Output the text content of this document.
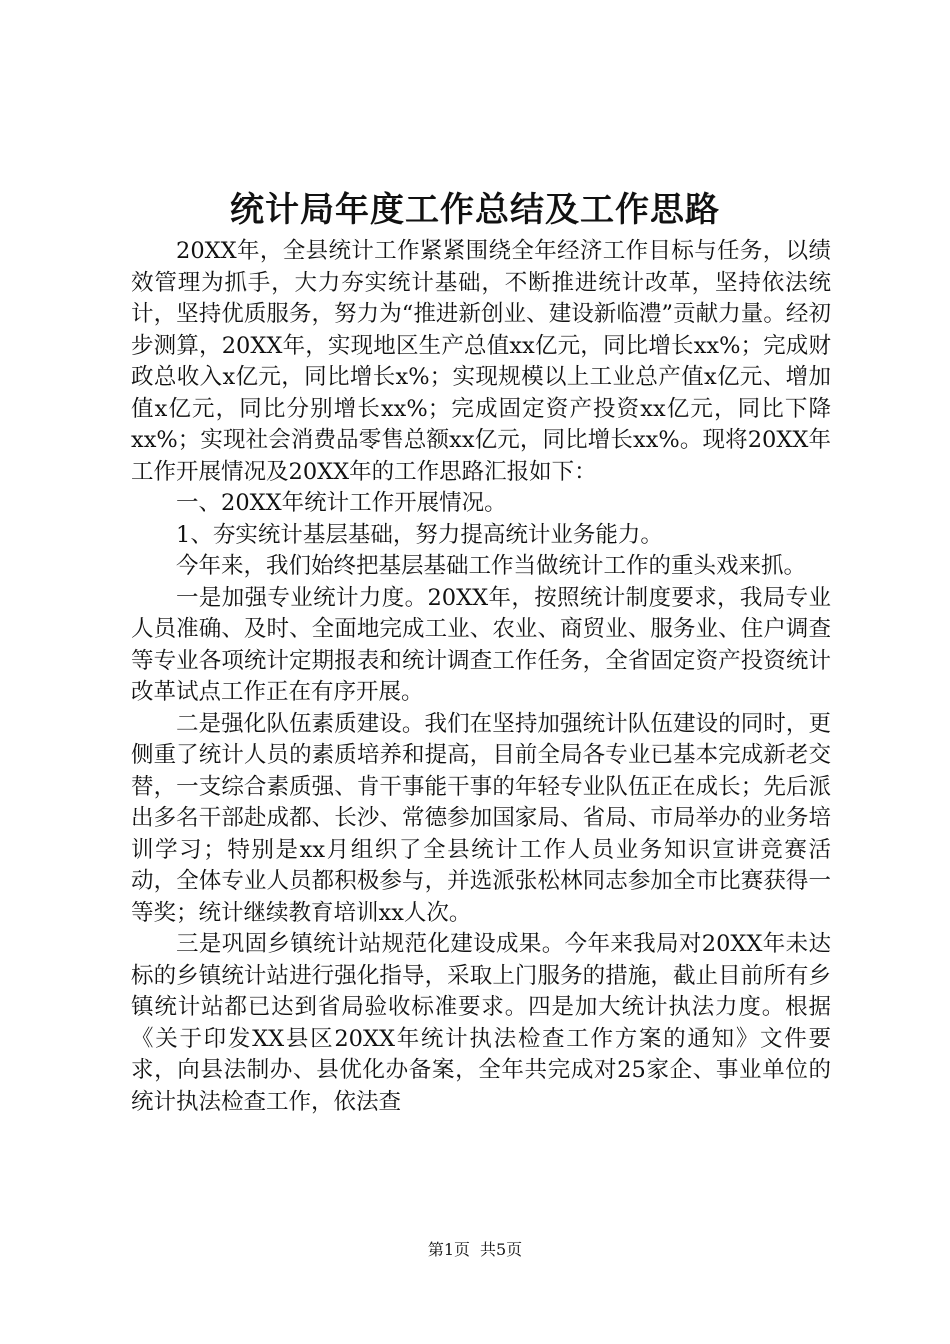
统计局年度工作总结及工作思路

20XX年，全县统计工作紧紧围绕全年经济工作目标与任务，以绩效管理为抓手，大力夯实统计基础，不断推进统计改革，坚持依法统计，坚持优质服务，努力为“推进新创业、建设新临澧”贡献力量。经初步测算，20XX年，实现地区生产总值xx亿元，同比增长xx%；完成财政总收入x亿元，同比增长x%；实现规模以上工业总产值x亿元、增加值x亿元，同比分别增长xx%；完成固定资产投资xx亿元，同比下降xx%；实现社会消费品零售总额xx亿元，同比增长xx%。现将20XX年工作开展情况及20XX年的工作思路汇报如下：

一、20XX年统计工作开展情况。

1、夯实统计基层基础，努力提高统计业务能力。

今年来，我们始终把基层基础工作当做统计工作的重头戏来抓。

一是加强专业统计力度。20XX年，按照统计制度要求，我局专业人员准确、及时、全面地完成工业、农业、商贸业、服务业、住户调查等专业各项统计定期报表和统计调查工作任务，全省固定资产投资统计改革试点工作正在有序开展。

二是强化队伍素质建设。我们在坚持加强统计队伍建设的同时，更侧重了统计人员的素质培养和提高，目前全局各专业已基本完成新老交替，一支综合素质强、肯干事能干事的年轻专业队伍正在成长；先后派出多名干部赴成都、长沙、常德参加国家局、省局、市局举办的业务培训学习；特别是xx月组织了全县统计工作人员业务知识宣讲竞赛活动，全体专业人员都积极参与，并选派张松林同志参加全市比赛获得一等奖；统计继续教育培训xx人次。

三是巩固乡镇统计站规范化建设成果。今年来我局对20XX年未达标的乡镇统计站进行强化指导，采取上门服务的措施，截止目前所有乡镇统计站都已达到省局验收标准要求。四是加大统计执法力度。根据《关于印发XX县区20XX年统计执法检查工作方案的通知》文件要求，向县法制办、县优化办备案，全年共完成对25家企、事业单位的统计执法检查工作，依法查

第1页 共5页
